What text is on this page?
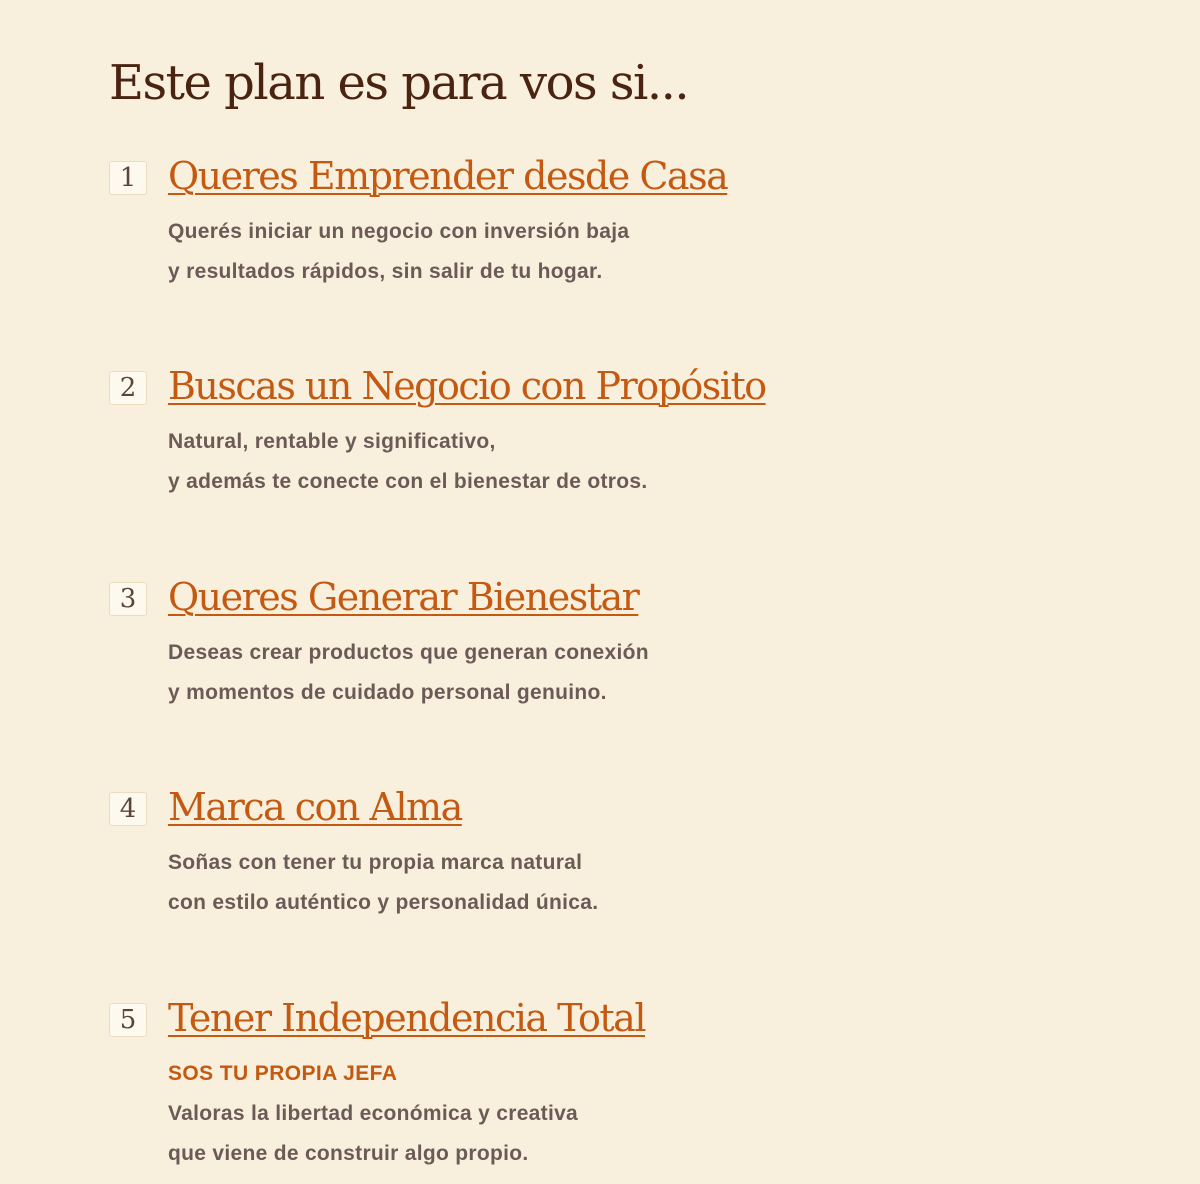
Este plan es para vos si...
1 Queres Emprender desde Casa

Querés iniciar un negocio con inversión baja
y resultados rápidos, sin salir de tu hogar.

2 Buscas un Negocio con Propósito

Natural, rentable y significativo,
y además te conecte con el bienestar de otros.

3 Queres Generar Bienestar

Deseas crear productos que generan conexión
y momentos de cuidado personal genuino.

4 Marca con Alma

Soñas con tener tu propia marca natural
con estilo auténtico y personalidad única.

5 Tener Independencia Total

SOS TU PROPIA JEFA

Valoras la libertad económica y creativa
que viene de construir algo propio.
